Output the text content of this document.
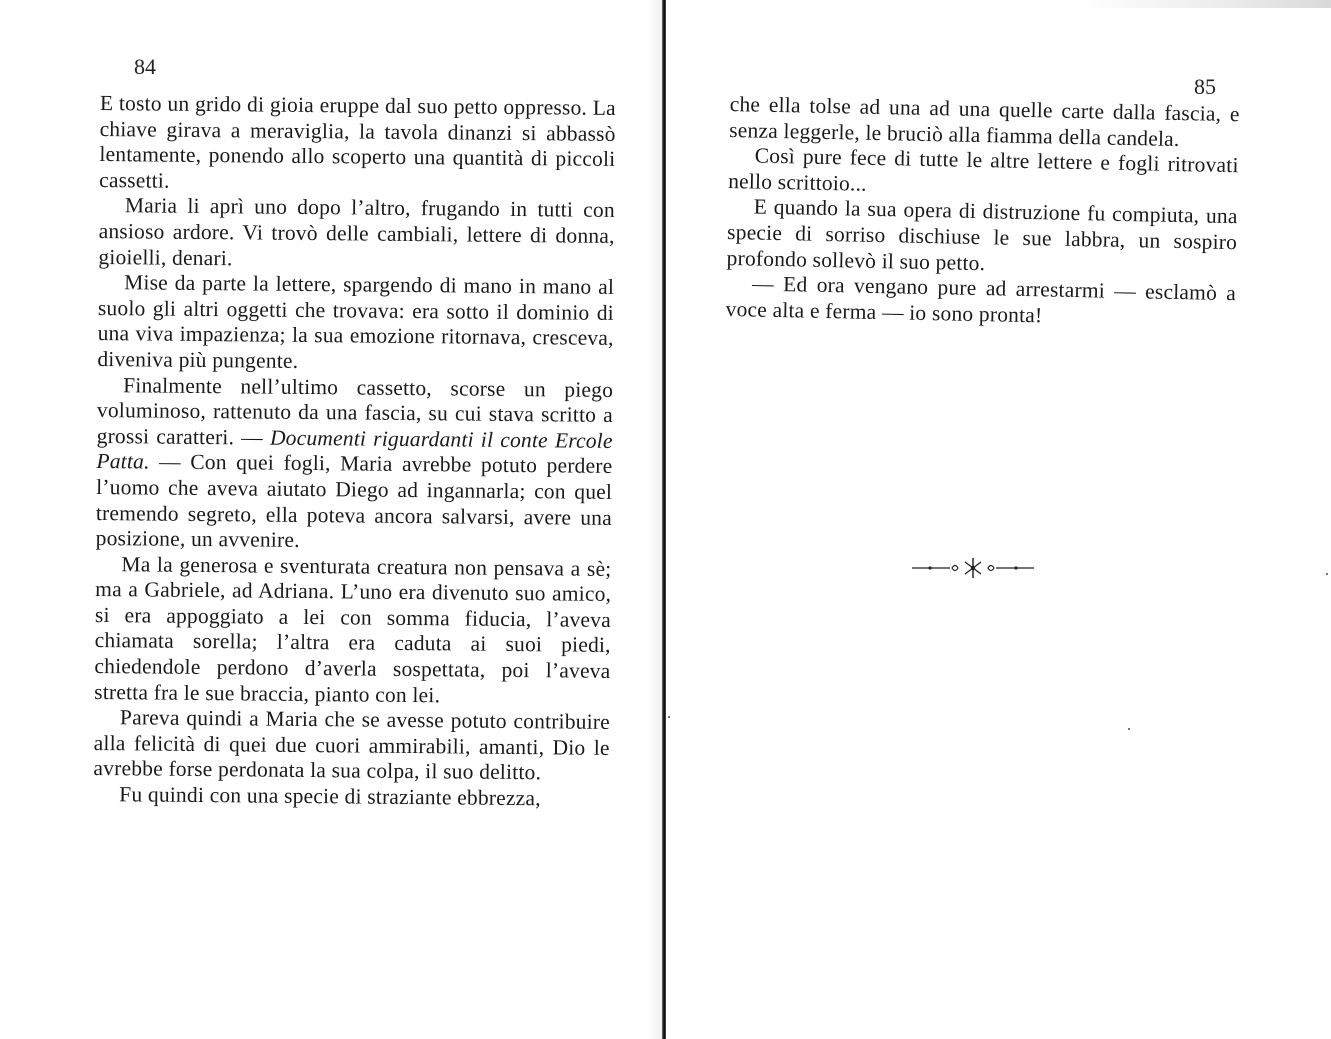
84

E tosto un grido di gioia eruppe dal suo petto oppresso. La chiave girava a meraviglia, la tavola dinanzi si abbassò lentamente, ponendo allo scoperto una quantità di piccoli cassetti.

Maria li aprì uno dopo l’altro, frugando in tutti con ansioso ardore. Vi trovò delle cambiali, lettere di donna, gioielli, denari.

Mise da parte la lettere, spargendo di mano in mano al suolo gli altri oggetti che trovava: era sotto il dominio di una viva impazienza; la sua emozione ritornava, cresceva, diveniva più pungente.

Finalmente nell’ultimo cassetto, scorse un piego voluminoso, rattenuto da una fascia, su cui stava scritto a grossi caratteri. — Documenti riguardanti il conte Ercole Patta. — Con quei fogli, Maria avrebbe potuto perdere l’uomo che aveva aiutato Diego ad ingannarla; con quel tremendo segreto, ella poteva ancora salvarsi, avere una posizione, un avvenire.

Ma la generosa e sventurata creatura non pensava a sè; ma a Gabriele, ad Adriana. L’uno era divenuto suo amico, si era appoggiato a lei con somma fiducia, l’aveva chiamata sorella; l’altra era caduta ai suoi piedi, chiedendole perdono d’averla sospettata, poi l’aveva stretta fra le sue braccia, pianto con lei.

Pareva quindi a Maria che se avesse potuto contribuire alla felicità di quei due cuori ammirabili, amanti, Dio le avrebbe forse perdonata la sua colpa, il suo delitto.

Fu quindi con una specie di straziante ebbrezza,

85

che ella tolse ad una ad una quelle carte dalla fascia, e senza leggerle, le bruciò alla fiamma della candela.

Così pure fece di tutte le altre lettere e fogli ritrovati nello scrittoio...

E quando la sua opera di distruzione fu compiuta, una specie di sorriso dischiuse le sue labbra, un sospiro profondo sollevò il suo petto.

— Ed ora vengano pure ad arrestarmi — esclamò a voce alta e ferma — io sono pronta!
